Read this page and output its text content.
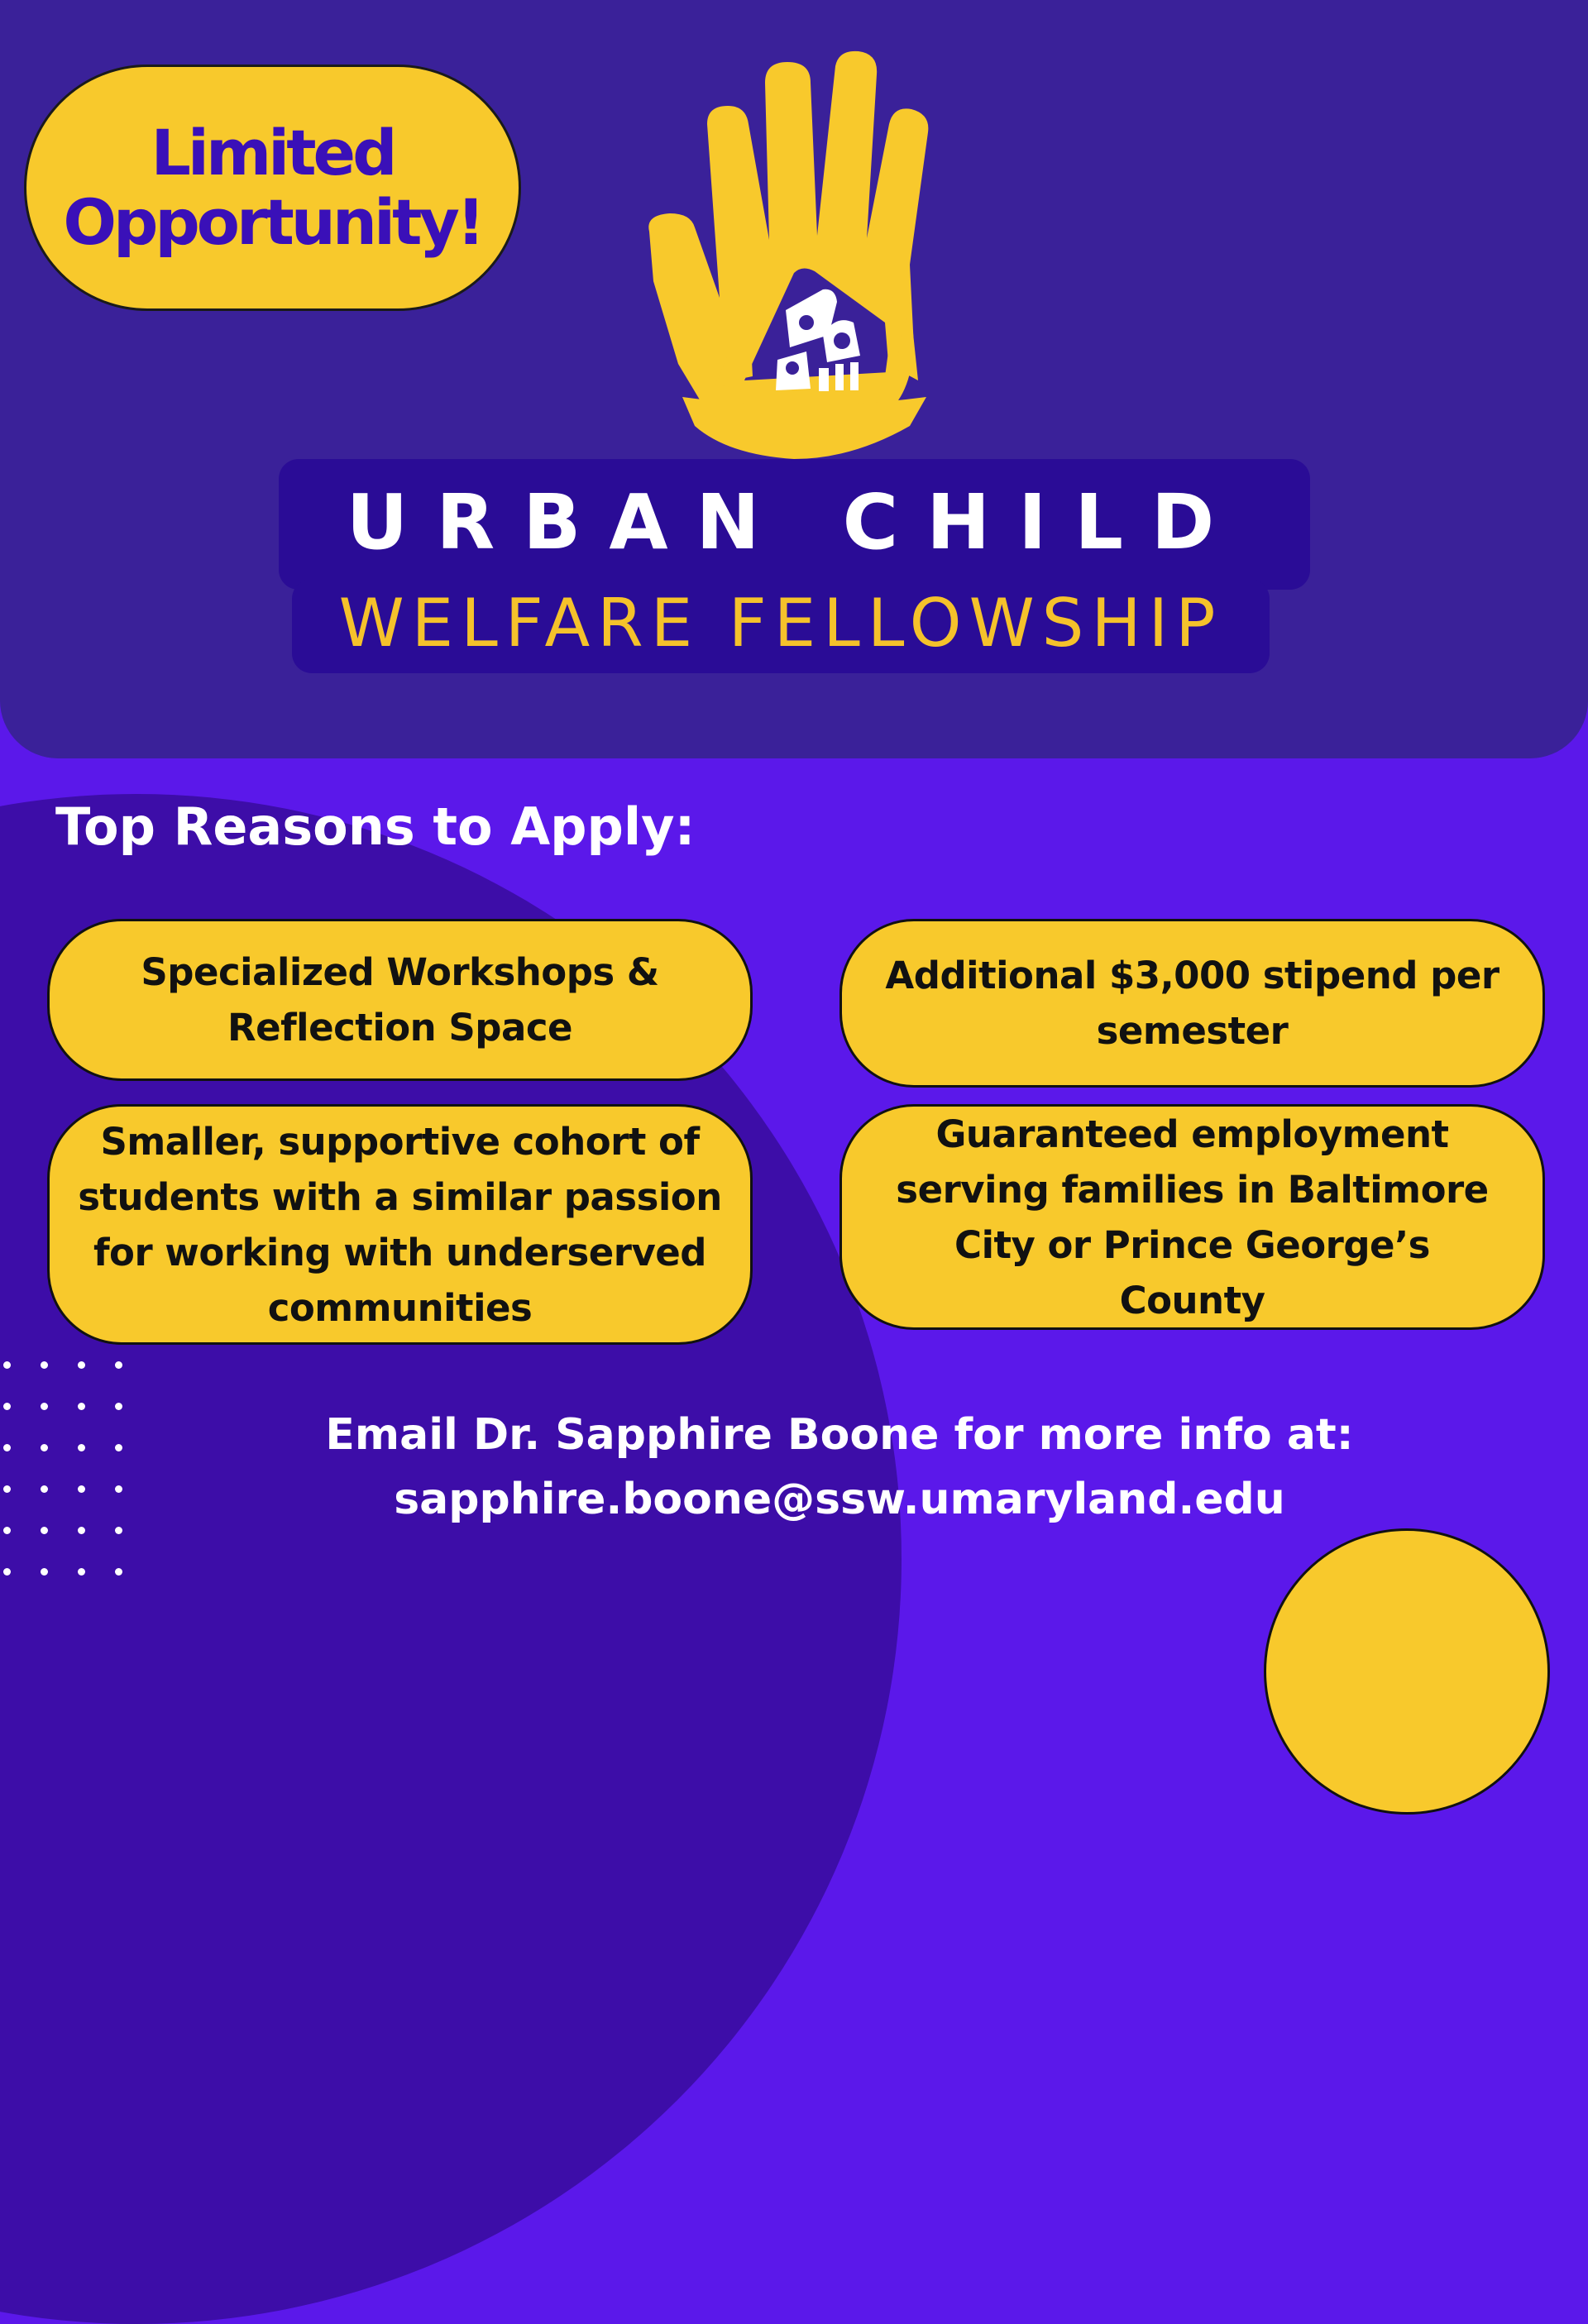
Limited
Opportunity!
URBAN CHILD
WELFARE FELLOWSHIP
Top Reasons to Apply:
Specialized Workshops & Reflection Space
Additional $3,000 stipend per semester
Smaller, supportive cohort of students with a similar passion for working with underserved communities
Guaranteed employment serving families in Baltimore City or Prince George’s County
Email Dr. Sapphire Boone for more info at:
sapphire.boone@ssw.umaryland.edu
